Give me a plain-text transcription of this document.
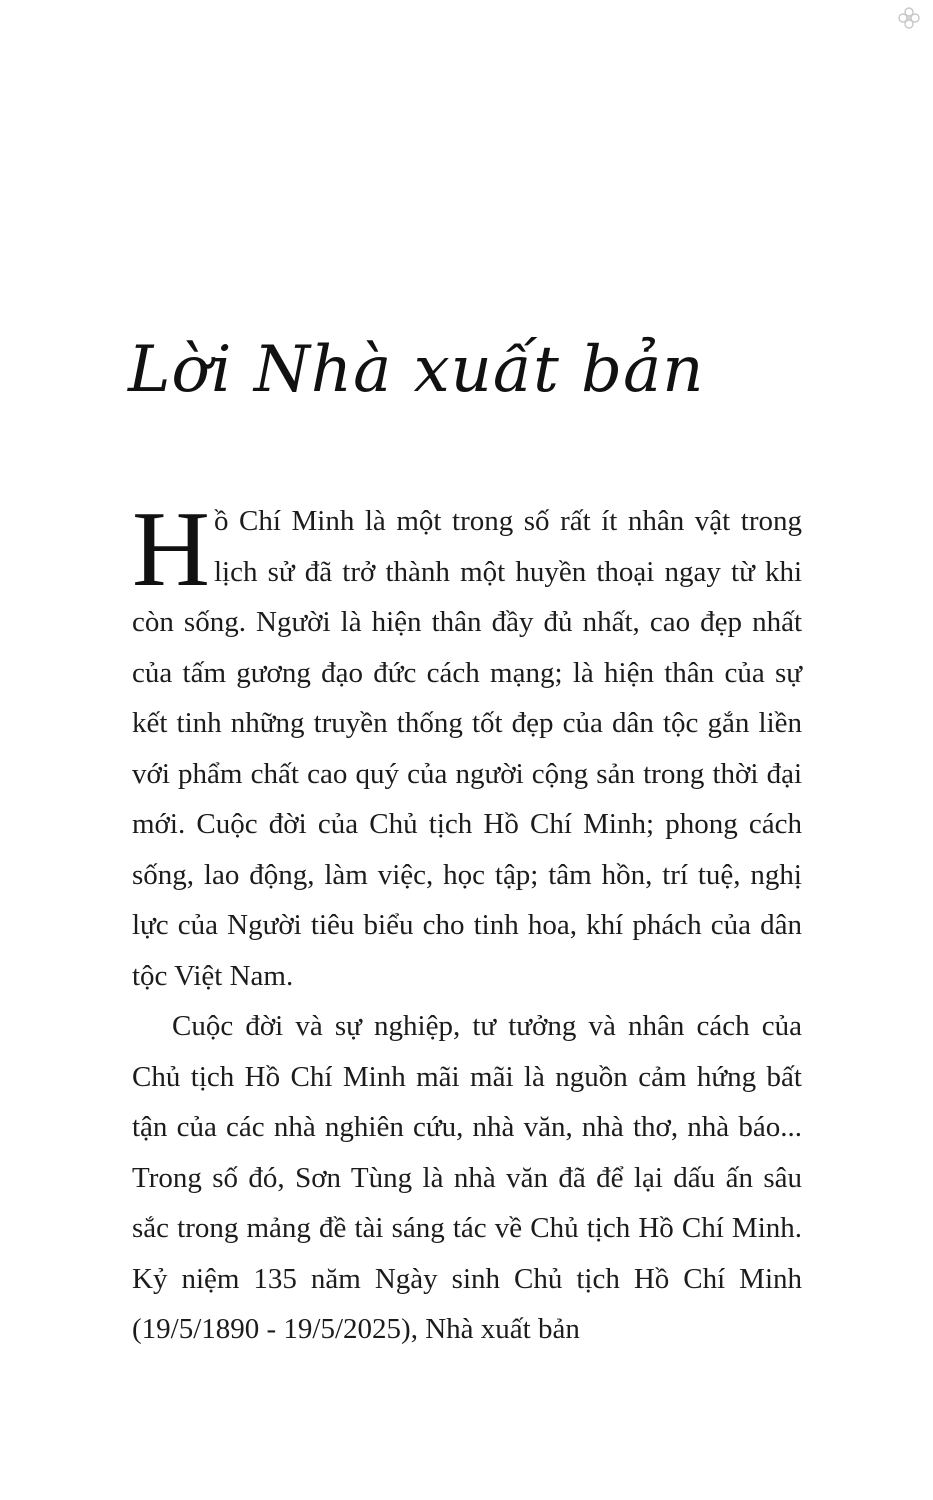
Lời Nhà xuất bản

Hồ Chí Minh là một trong số rất ít nhân vật trong lịch sử đã trở thành một huyền thoại ngay từ khi còn sống. Người là hiện thân đầy đủ nhất, cao đẹp nhất của tấm gương đạo đức cách mạng; là hiện thân của sự kết tinh những truyền thống tốt đẹp của dân tộc gắn liền với phẩm chất cao quý của người cộng sản trong thời đại mới. Cuộc đời của Chủ tịch Hồ Chí Minh; phong cách sống, lao động, làm việc, học tập; tâm hồn, trí tuệ, nghị lực của Người tiêu biểu cho tinh hoa, khí phách của dân tộc Việt Nam.

Cuộc đời và sự nghiệp, tư tưởng và nhân cách của Chủ tịch Hồ Chí Minh mãi mãi là nguồn cảm hứng bất tận của các nhà nghiên cứu, nhà văn, nhà thơ, nhà báo... Trong số đó, Sơn Tùng là nhà văn đã để lại dấu ấn sâu sắc trong mảng đề tài sáng tác về Chủ tịch Hồ Chí Minh. Kỷ niệm 135 năm Ngày sinh Chủ tịch Hồ Chí Minh (19/5/1890 - 19/5/2025), Nhà xuất bản
